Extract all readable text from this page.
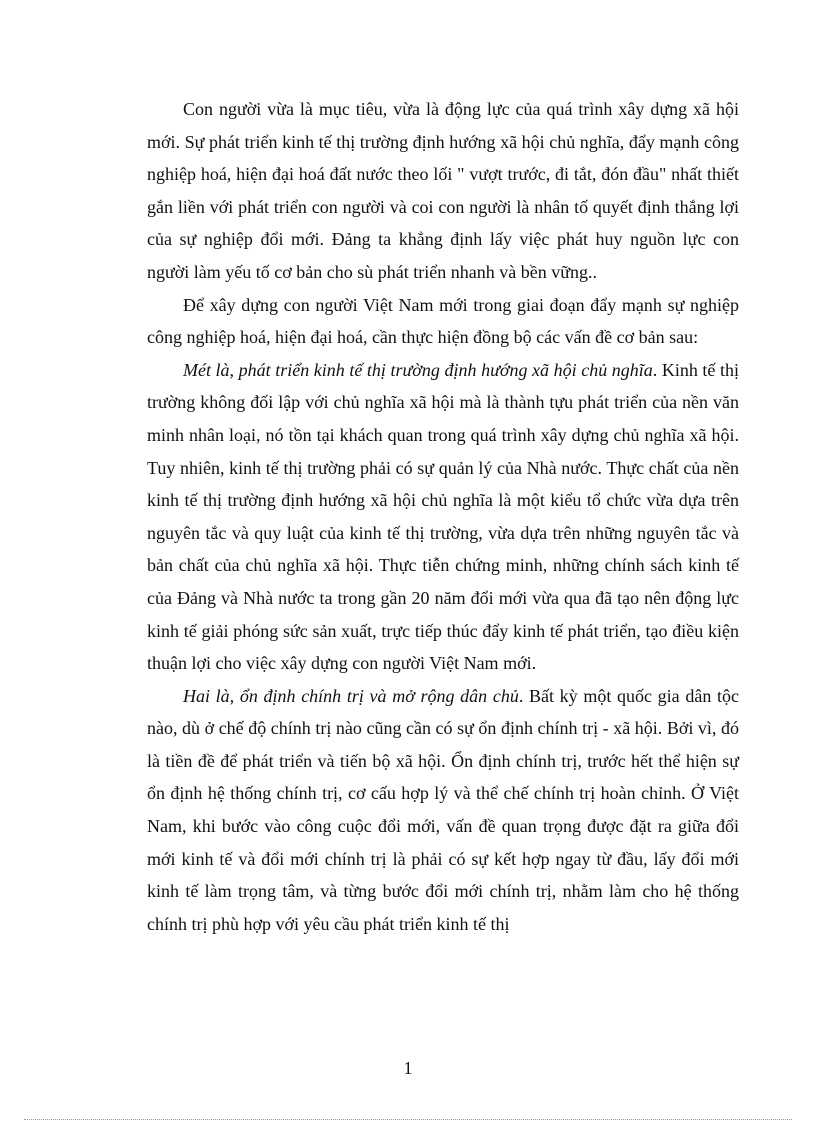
Con người vừa là mục tiêu, vừa là động lực của quá trình xây dựng xã hội mới. Sự phát triển kinh tế thị trường định hướng xã hội chủ nghĩa, đẩy mạnh công nghiệp hoá, hiện đại hoá đất nước theo lối " vượt trước, đi tắt, đón đầu" nhất thiết gắn liền với phát triển con người và coi con người là nhân tố quyết định thắng lợi của sự nghiệp đổi mới. Đảng ta khẳng định lấy việc phát huy nguồn lực con người làm yếu tố cơ bản cho sù phát triển nhanh và bền vững..

Để xây dựng con người Việt Nam mới trong giai đoạn đẩy mạnh sự nghiệp công nghiệp hoá, hiện đại hoá, cần thực hiện đồng bộ các vấn đề cơ bản sau:

Mét là, phát triển kinh tế thị trường định hướng xã hội chủ nghĩa. Kinh tế thị trường không đối lập với chủ nghĩa xã hội mà là thành tựu phát triển của nền văn minh nhân loại, nó tồn tại khách quan trong quá trình xây dựng chủ nghĩa xã hội. Tuy nhiên, kinh tế thị trường phải có sự quản lý của Nhà nước. Thực chất của nền kinh tế thị trường định hướng xã hội chủ nghĩa là một kiểu tổ chức vừa dựa trên nguyên tắc và quy luật của kinh tế thị trường, vừa dựa trên những nguyên tắc và bản chất của chủ nghĩa xã hội. Thực tiễn chứng minh, những chính sách kinh tế của Đảng và Nhà nước ta trong gần 20 năm đổi mới vừa qua đã tạo nên động lực kinh tế giải phóng sức sản xuất, trực tiếp thúc đẩy kinh tế phát triển, tạo điều kiện thuận lợi cho việc xây dựng con người Việt Nam mới.

Hai là, ổn định chính trị và mở rộng dân chủ. Bất kỳ một quốc gia dân tộc nào, dù ở chế độ chính trị nào cũng cần có sự ổn định chính trị - xã hội. Bởi vì, đó là tiền đề để phát triển và tiến bộ xã hội. Ổn định chính trị, trước hết thể hiện sự ổn định hệ thống chính trị, cơ cấu hợp lý và thể chế chính trị hoàn chỉnh. Ở Việt Nam, khi bước vào công cuộc đổi mới, vấn đề quan trọng được đặt ra giữa đổi mới kinh tế và đổi mới chính trị là phải có sự kết hợp ngay từ đầu, lấy đổi mới kinh tế làm trọng tâm, và từng bước đổi mới chính trị, nhằm làm cho hệ thống chính trị phù hợp với yêu cầu phát triển kinh tế thị

1
